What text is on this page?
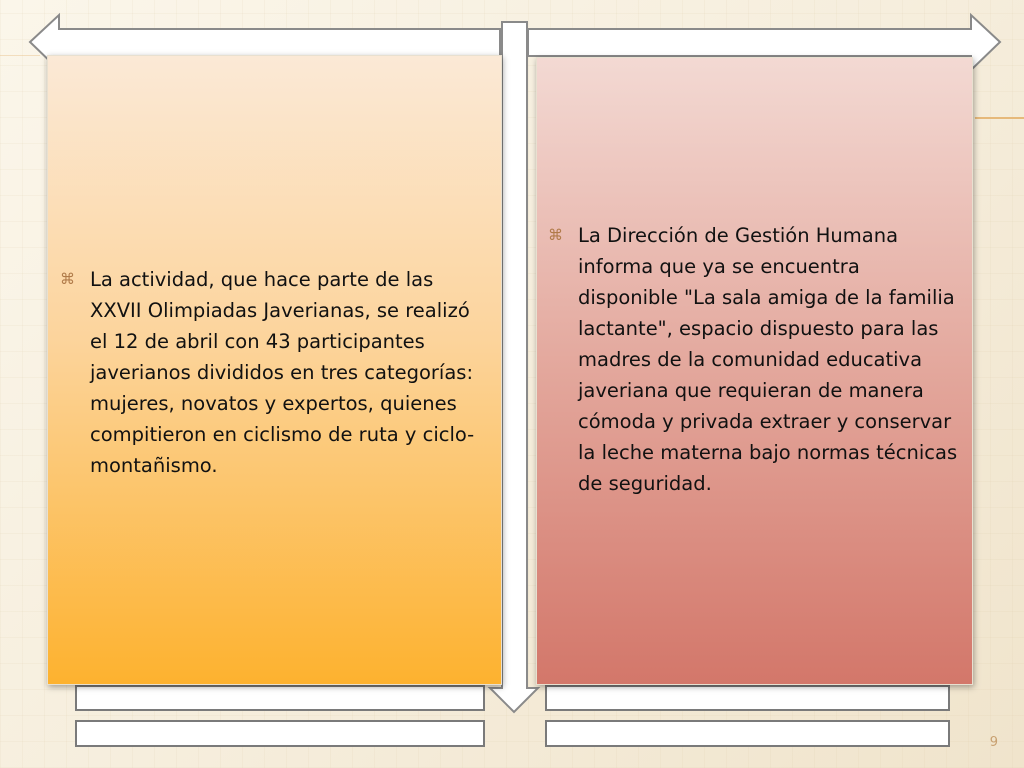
⌘ La actividad, que hace parte de las XXVII Olimpiadas Javerianas, se realizó el 12 de abril con 43 participantes javerianos divididos en tres categorías: mujeres, novatos y expertos, quienes compitieron en ciclismo de ruta y ciclo-montañismo.
⌘ La Dirección de Gestión Humana informa que ya se encuentra disponible "La sala amiga de la familia lactante", espacio dispuesto para las madres de la comunidad educativa javeriana que requieran de manera cómoda y privada extraer y conservar la leche materna bajo normas técnicas de seguridad.
9
